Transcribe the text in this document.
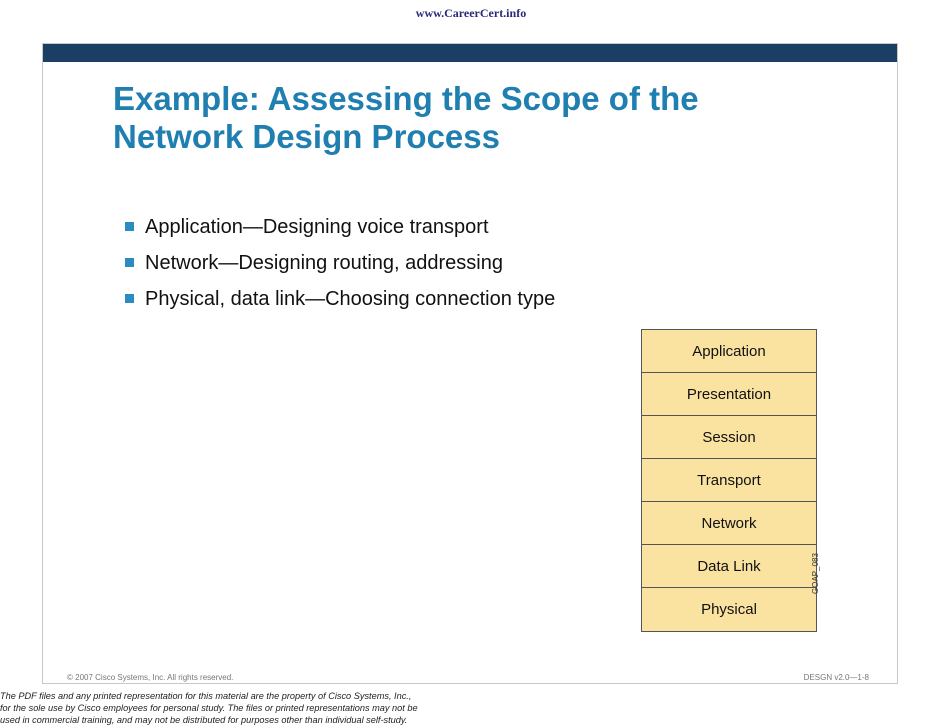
www.CareerCert.info
Example: Assessing the Scope of the
Network Design Process
Application—Designing voice transport
Network—Designing routing, addressing
Physical, data link—Choosing connection type
Application
Presentation
Session
Transport
Network
Data Link
Physical
GOAP_083
© 2007 Cisco Systems, Inc. All rights reserved.	DESGN v2.0—1-8

The PDF files and any printed representation for this material are the property of Cisco Systems, Inc.,
for the sole use by Cisco employees for personal study. The files or printed representations may not be
used in commercial training, and may not be distributed for purposes other than individual self-study.
